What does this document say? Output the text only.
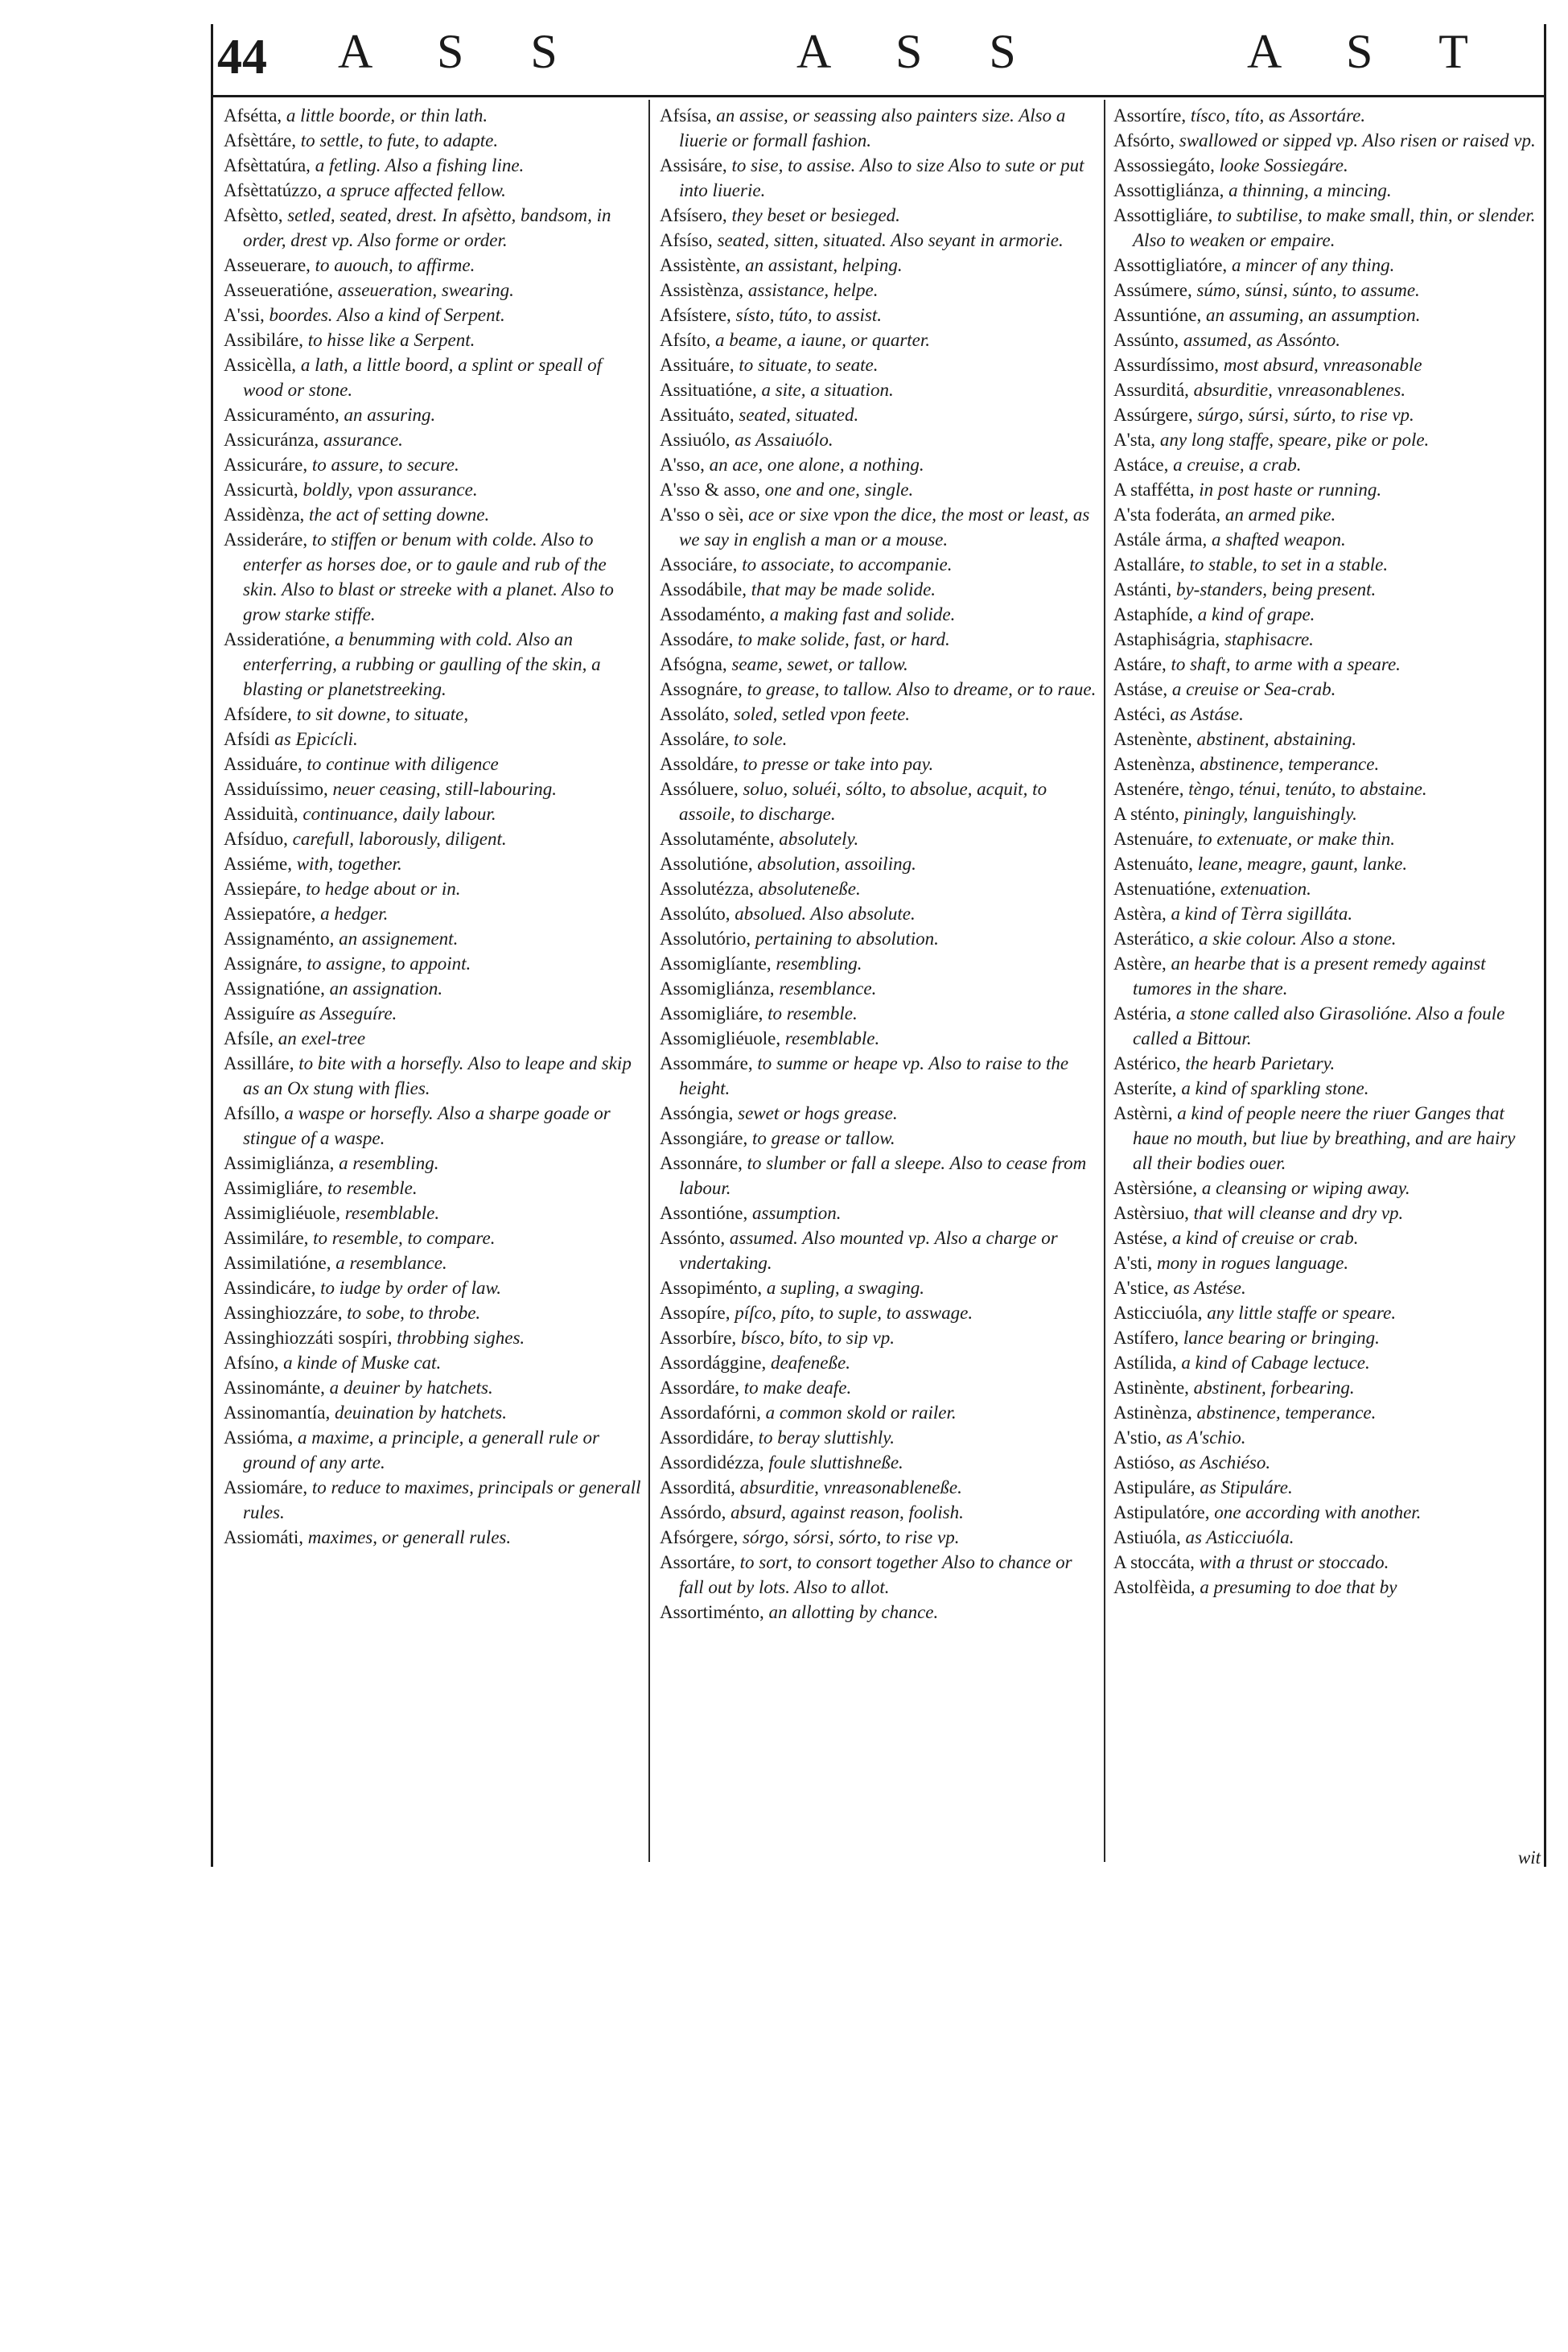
44 A S S	A S S	A S T

Afsétta, a little boorde, or thin lath.

Afsèttáre, to settle, to fute, to adapte.

Afsèttatúra, a fetling. Also a fishing line.

Afsèttatúzzo, a spruce affected fellow.

Afsètto, setled, seated, drest. In afsètto, bandsom, in order, drest vp. Also forme or order.

Asseuerare, to auouch, to affirme.

Asseueratióne, asseueration, swearing.

A'ssi, boordes. Also a kind of Serpent.

Assibiláre, to hisse like a Serpent.

Assicèlla, a lath, a little boord, a splint or speall of wood or stone.

Assicuraménto, an assuring.

Assicuránza, assurance.

Assicuráre, to assure, to secure.

Assicurtà, boldly, vpon assurance.

Assidènza, the act of setting downe.

Assideráre, to stiffen or benum with colde. Also to enterfer as horses doe, or to gaule and rub of the skin. Also to blast or streeke with a planet. Also to grow starke stiffe.

Assideratióne, a benumming with cold. Also an enterferring, a rubbing or gaulling of the skin, a blasting or planetstreeking.

Afsídere, to sit downe, to situate,

Afsídi as Epicícli.

Assiduáre, to continue with diligence

Assiduíssimo, neuer ceasing, still-labouring.

Assiduità, continuance, daily labour.

Afsíduo, carefull, laborously, diligent.

Assiéme, with, together.

Assiepáre, to hedge about or in.

Assiepatóre, a hedger.

Assignaménto, an assignement.

Assignáre, to assigne, to appoint.

Assignatióne, an assignation.

Assiguíre as Asseguíre.

Afsíle, an exel-tree

Assilláre, to bite with a horsefly. Also to leape and skip as an Ox stung with flies.

Afsíllo, a waspe or horsefly. Also a sharpe goade or stingue of a waspe.

Assimigliánza, a resembling.

Assimigliáre, to resemble.

Assimigliéuole, resemblable.

Assimiláre, to resemble, to compare.

Assimilatióne, a resemblance.

Assindicáre, to iudge by order of law.

Assinghiozzáre, to sobe, to throbe.

Assinghiozzáti sospíri, throbbing sighes.

Afsíno, a kinde of Muske cat.

Assinománte, a deuiner by hatchets.

Assinomantía, deuination by hatchets.

Assióma, a maxime, a principle, a generall rule or ground of any arte.

Assiomáre, to reduce to maximes, principals or generall rules.

Assiomáti, maximes, or generall rules.

Afsísa, an assise, or seassing also painters size. Also a liuerie or formall fashion.

Assisáre, to sise, to assise. Also to size Also to sute or put into liuerie.

Afsísero, they beset or besieged.

Afsíso, seated, sitten, situated. Also seyant in armorie.

Assistènte, an assistant, helping.

Assistènza, assistance, helpe.

Afsístere, sísto, túto, to assist.

Afsíto, a beame, a iaune, or quarter.

Assituáre, to situate, to seate.

Assituatióne, a site, a situation.

Assituáto, seated, situated.

Assiuólo, as Assaiuólo.

A'sso, an ace, one alone, a nothing.

A'sso & asso, one and one, single.

A'sso o sèi, ace or sixe vpon the dice, the most or least, as we say in english a man or a mouse.

Associáre, to associate, to accompanie.

Assodábile, that may be made solide.

Assodaménto, a making fast and solide.

Assodáre, to make solide, fast, or hard.

Afsógna, seame, sewet, or tallow.

Assognáre, to grease, to tallow. Also to dreame, or to raue.

Assoláto, soled, setled vpon feete.

Assoláre, to sole.

Assoldáre, to presse or take into pay.

Assóluere, soluo, soluéi, sólto, to absolue, acquit, to assoile, to discharge.

Assolutaménte, absolutely.

Assolutióne, absolution, assoiling.

Assolutézza, absoluteneße.

Assolúto, absolued. Also absolute.

Assolutório, pertaining to absolution.

Assomiglíante, resembling.

Assomigliánza, resemblance.

Assomigliáre, to resemble.

Assomigliéuole, resemblable.

Assommáre, to summe or heape vp. Also to raise to the height.

Assóngia, sewet or hogs grease.

Assongiáre, to grease or tallow.

Assonnáre, to slumber or fall a sleepe. Also to cease from labour.

Assontióne, assumption.

Assónto, assumed. Also mounted vp. Also a charge or vndertaking.

Assopiménto, a supling, a swaging.

Assopíre, píſco, píto, to suple, to asswage.

Assorbíre, bísco, bíto, to sip vp.

Assordággine, deafeneße.

Assordáre, to make deafe.

Assordafórni, a common skold or railer.

Assordidáre, to beray sluttishly.

Assordidézza, foule sluttishneße.

Assorditá, absurditie, vnreasonableneße.

Assórdo, absurd, against reason, foolish.

Afsórgere, sórgo, sórsi, sórto, to rise vp.

Assortáre, to sort, to consort together Also to chance or fall out by lots. Also to allot.

Assortiménto, an allotting by chance.

Assortíre, tísco, títo, as Assortáre.

Afsórto, swallowed or sipped vp. Also risen or raised vp.

Assossiegáto, looke Sossiegáre.

Assottigliánza, a thinning, a mincing.

Assottigliáre, to subtilise, to make small, thin, or slender. Also to weaken or empaire.

Assottigliatóre, a mincer of any thing.

Assúmere, súmo, súnsi, súnto, to assume.

Assuntióne, an assuming, an assumption.

Assúnto, assumed, as Assónto.

Assurdíssimo, most absurd, vnreasonable

Assurditá, absurditie, vnreasonablenes.

Assúrgere, súrgo, súrsi, súrto, to rise vp.

A'sta, any long staffe, speare, pike or pole.

Astáce, a creuise, a crab.

A staffétta, in post haste or running.

A'sta foderáta, an armed pike.

Astále árma, a shafted weapon.

Astalláre, to stable, to set in a stable.

Astánti, by-standers, being present.

Astaphíde, a kind of grape.

Astaphiságria, staphisacre.

Astáre, to shaft, to arme with a speare.

Astáse, a creuise or Sea-crab.

Astéci, as Astáse.

Astenènte, abstinent, abstaining.

Astenènza, abstinence, temperance.

Astenére, tèngo, ténui, tenúto, to abstaine.

A sténto, piningly, languishingly.

Astenuáre, to extenuate, or make thin.

Astenuáto, leane, meagre, gaunt, lanke.

Astenuatióne, extenuation.

Astèra, a kind of Tèrra sigilláta.

Asterático, a skie colour. Also a stone.

Astère, an hearbe that is a present remedy against tumores in the share.

Astéria, a stone called also Girasolióne. Also a foule called a Bittour.

Astérico, the hearb Parietary.

Asteríte, a kind of sparkling stone.

Astèrni, a kind of people neere the riuer Ganges that haue no mouth, but liue by breathing, and are hairy all their bodies ouer.

Astèrsióne, a cleansing or wiping away.

Astèrsiuo, that will cleanse and dry vp.

Astése, a kind of creuise or crab.

A'sti, mony in rogues language.

A'stice, as Astése.

Asticciuóla, any little staffe or speare.

Astífero, lance bearing or bringing.

Astílida, a kind of Cabage lectuce.

Astinènte, abstinent, forbearing.

Astinènza, abstinence, temperance.

A'stio, as A'schio.

Astióso, as Aschiéso.

Astipuláre, as Stipuláre.

Astipulatóre, one according with another.

Astiuóla, as Asticciuóla.

A stoccáta, with a thrust or stoccado.

Astolfèida, a presuming to doe that by

wit
